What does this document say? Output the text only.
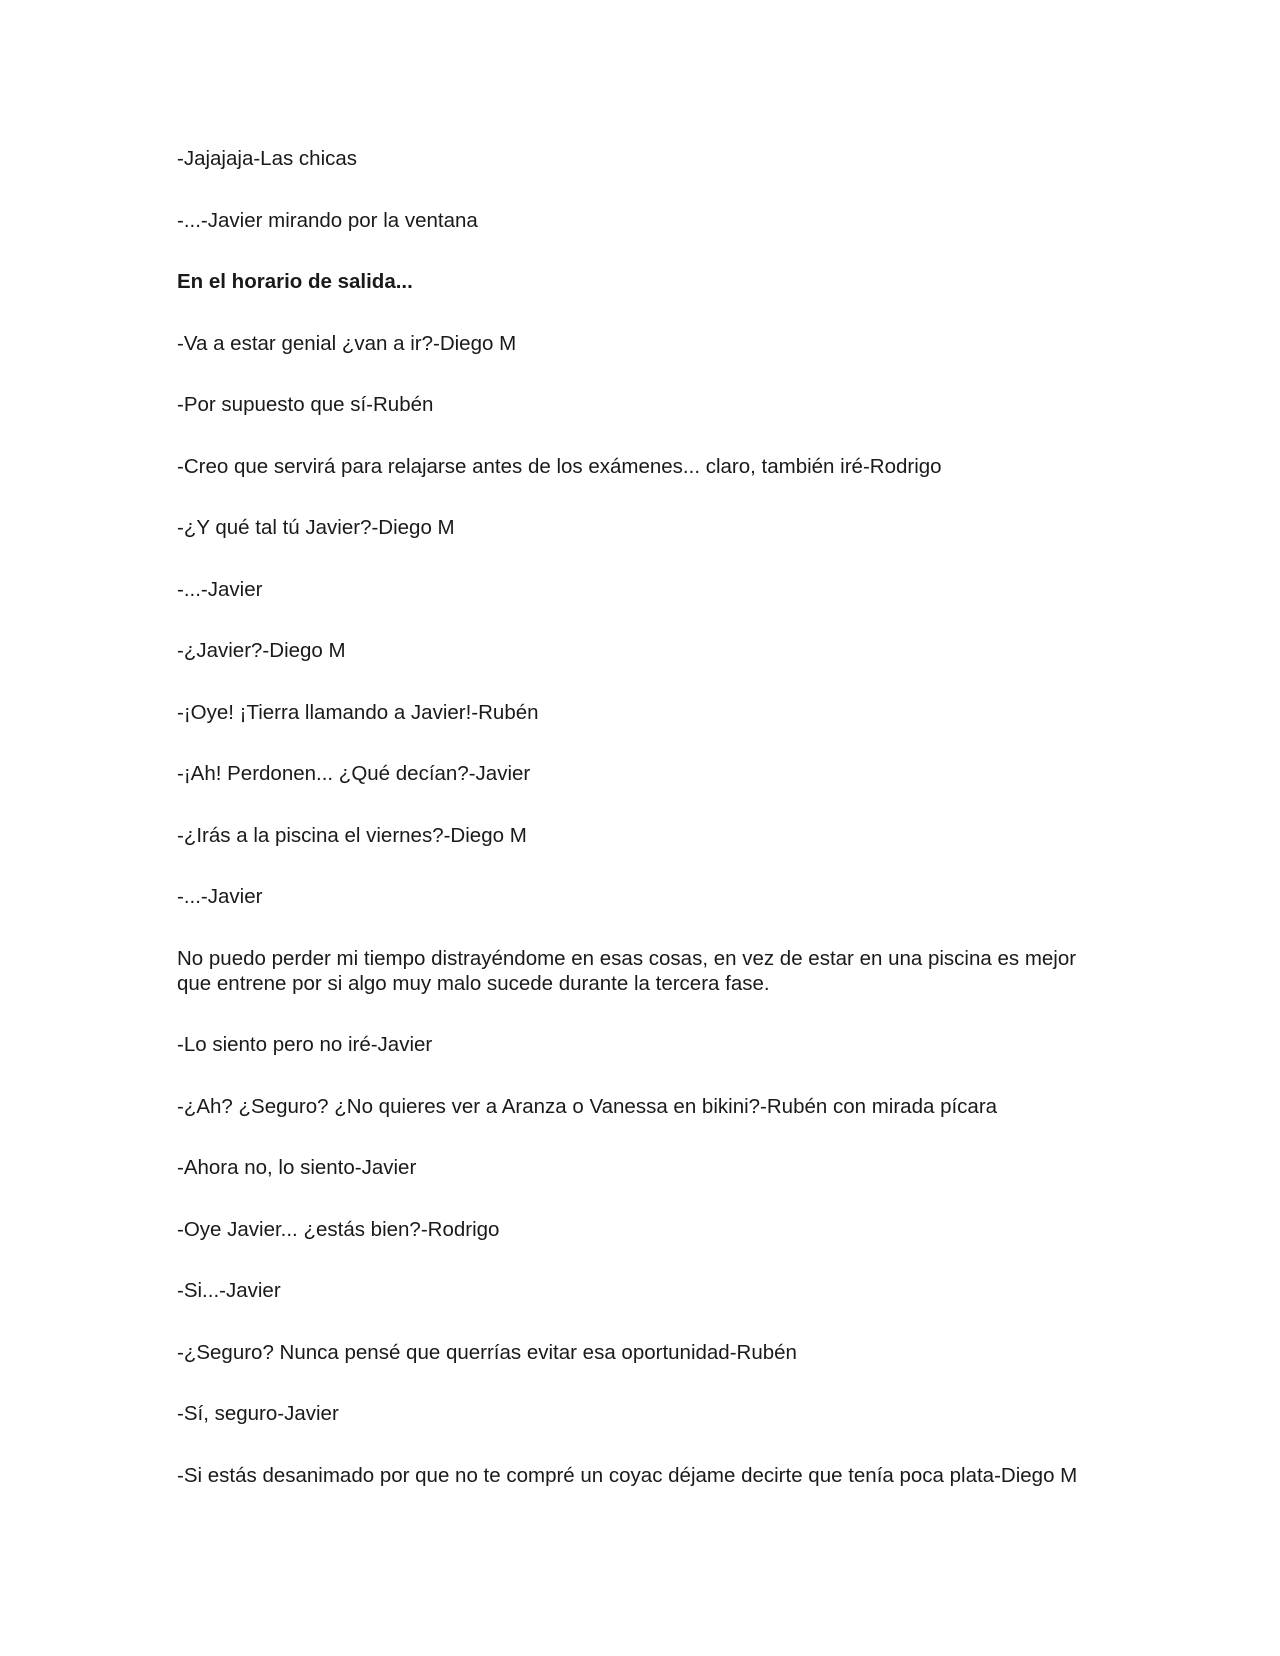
-Jajajaja-Las chicas

-...-Javier mirando por la ventana

En el horario de salida...

-Va a estar genial ¿van a ir?-Diego M

-Por supuesto que sí-Rubén

-Creo que servirá para relajarse antes de los exámenes... claro, también iré-Rodrigo

-¿Y qué tal tú Javier?-Diego M

-...-Javier

-¿Javier?-Diego M

-¡Oye! ¡Tierra llamando a Javier!-Rubén

-¡Ah! Perdonen... ¿Qué decían?-Javier

-¿Irás a la piscina el viernes?-Diego M

-...-Javier

No puedo perder mi tiempo distrayéndome en esas cosas, en vez de estar en una piscina es mejor que entrene por si algo muy malo sucede durante la tercera fase.

-Lo siento pero no iré-Javier

-¿Ah? ¿Seguro? ¿No quieres ver a Aranza o Vanessa en bikini?-Rubén con mirada pícara

-Ahora no, lo siento-Javier

-Oye Javier... ¿estás bien?-Rodrigo

-Si...-Javier

-¿Seguro? Nunca pensé que querrías evitar esa oportunidad-Rubén

-Sí, seguro-Javier

-Si estás desanimado por que no te compré un coyac déjame decirte que tenía poca plata-Diego M
